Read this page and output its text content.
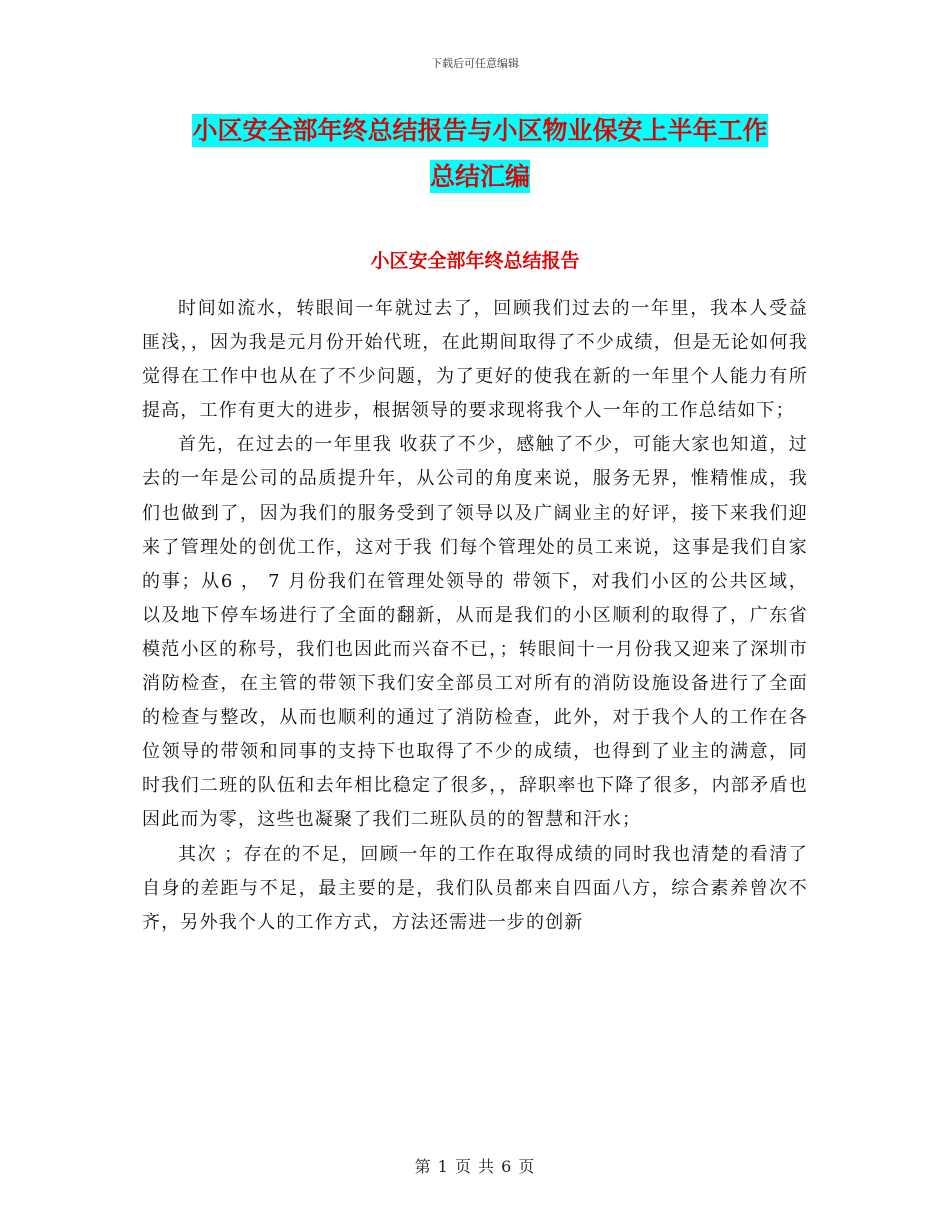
下载后可任意编辑
小区安全部年终总结报告与小区物业保安上半年工作
总结汇编
小区安全部年终总结报告

时间如流水，转眼间一年就过去了，回顾我们过去的一年里，我本人受益匪浅，，因为我是元月份开始代班，在此期间取得了不少成绩，但是无论如何我觉得在工作中也从在了不少问题，为了更好的使我在新的一年里个人能力有所提高，工作有更大的进步，根据领导的要求现将我个人一年的工作总结如下；

首先，在过去的一年里我 收获了不少，感触了不少，可能大家也知道，过去的一年是公司的品质提升年，从公司的角度来说，服务无界，惟精惟成，我们也做到了，因为我们的服务受到了领导以及广阔业主的好评，接下来我们迎来了管理处的创优工作，这对于我 们每个管理处的员工来说，这事是我们自家的事；从6 ， 7 月份我们在管理处领导的 带领下，对我们小区的公共区域，以及地下停车场进行了全面的翻新，从而是我们的小区顺利的取得了，广东省模范小区的称号，我们也因此而兴奋不已，；转眼间十一月份我又迎来了深圳市消防检查，在主管的带领下我们安全部员工对所有的消防设施设备进行了全面的检查与整改，从而也顺利的通过了消防检查，此外，对于我个人的工作在各位领导的带领和同事的支持下也取得了不少的成绩，也得到了业主的满意，同时我们二班的队伍和去年相比稳定了很多，，辞职率也下降了很多，内部矛盾也因此而为零，这些也凝聚了我们二班队员的的智慧和汗水；

其次 ；存在的不足，回顾一年的工作在取得成绩的同时我也清楚的看清了自身的差距与不足，最主要的是，我们队员都来自四面八方，综合素养曾次不齐，另外我个人的工作方式，方法还需进一步的创新

第 1 页 共 6 页
